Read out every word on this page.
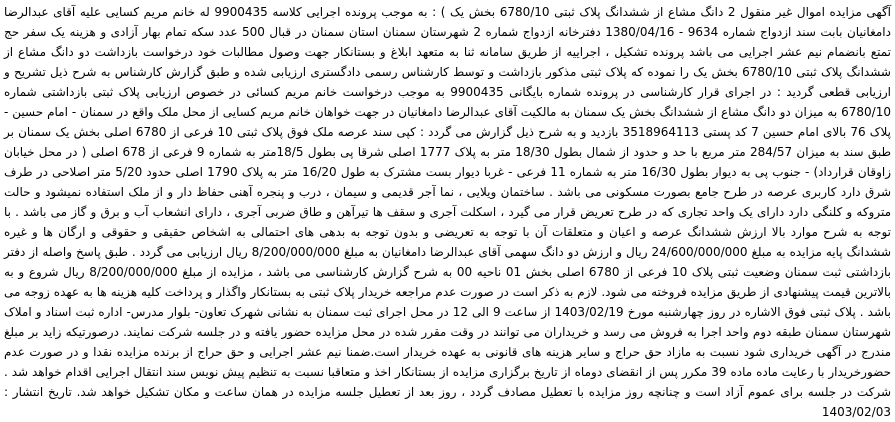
آگهی مزایده اموال غیر منقول 2 دانگ مشاع از ششدانگ پلاک ثبتی 6780/10 بخش یک ) : به موجب پرونده اجرایی کلاسه 9900435 له خانم مریم کسایی علیه آقای عبدالرضا دامغانیان بابت سند ازدواج شماره 9634 - 1380/04/16 دفترخانه ازدواج شماره 2 شهرستان سمنان استان سمنان در قبال 500 عدد سکه تمام بهار آزادی و هزینه یک سفر حج تمتع بانضمام نیم عشر اجرایی می باشد پرونده تشکیل ، اجراییه از طریق سامانه ثنا به متعهد ابلاغ و بستانکار جهت وصول مطالبات خود درخواست بازداشت دو دانگ مشاع از ششدانگ پلاک ثبتی 6780/10 بخش یک را نموده که پلاک ثبتی مذکور بازداشت و توسط کارشناس رسمی دادگستری ارزیابی شده و طبق گزارش کارشناس به شرح ذیل تشریح و ارزیابی قطعی گردید : در اجرای قرار کارشناسی در پرونده شماره بایگانی 9900435 به موجب درخواست خانم مریم کسائی در خصوص ارزیابی پلاک ثبتی بازداشتی شماره 6780/10 به میزان دو دانگ مشاع از ششدانگ بخش یک سمنان به مالکیت آقای عبدالرضا دامغانیان در جهت خواهان خانم مریم کسایی از محل ملک واقع در سمنان - امام حسین - پلاک 76 بالای امام حسین 7 کد پستی 3518964113 بازدید و به شرح ذیل گزارش می گردد : کپی سند عرصه ملک فوق پلاک ثبتی 10 فرعی از 6780 اصلی بخش یک سمنان بر طبق سند به میزان 284/57 متر مربع با حد و حدود از شمال بطول 18/30 متر به پلاک 1777 اصلی شرقا پی بطول 18/5متر به شماره 9 فرعی از 678 اصلی ( در محل خیابان زاوقان قرارداد) - جنوب پی به دیوار بطول 16/30 متر به شماره 11 فرعی - غربا دیوار بست مشترک به طول 16/20 متر به پلاک 1790 اصلی حدود 5/20 متر اصلاحی در طرف شرق دارد کاربری عرصه در طرح جامع بصورت مسکونی می باشد . ساختمان ویلایی ، نما آجر قدیمی و سیمان ، درب و پنجره آهنی حفاظ دار و از ملک استفاده نمیشود و حالت متروکه و کلنگی دارد دارای یک واحد تجاری که در طرح تعریض قرار می گیرد ، اسکلت آجری و سقف ها تیرآهن و طاق ضربی آجری ، دارای انشعاب آب و برق و گاز می باشد . با توجه به شرح موارد بالا ارزش ششدانگ عرصه و اعیان و متعلقات آن با توجه به تعریضی و بدون توجه به بدهی های احتمالی به اشخاص حقیقی و حقوقی و ارگان ها و غیره ششدانگ پایه مزایده به مبلغ 24/600/000/000 ریال و ارزش دو دانگ سهمی آقای عبدالرضا دامغانیان به مبلغ 8/200/000/000 ریال ارزیابی می گردد . طبق پاسخ واصله از دفتر بازداشتی ثبت سمنان وضعیت ثبتی پلاک 10 فرعی از 6780 اصلی بخش 01 ناحیه 00 به شرح گزارش کارشناسی می باشد ، مزایده از مبلغ 8/200/000/000 ریال شروع و به بالاترین قیمت پیشنهادی از طریق مزایده فروخته می شود. لازم به ذکر است در صورت عدم مراجعه خریدار پلاک ثبتی به بستانکار واگذار و پرداخت کلیه هزینه ها به عهده زوجه می باشد . پلاک ثبتی فوق الاشاره در روز چهارشنبه مورخ 1403/02/19 از ساعت 9 الی 12 در محل اجرای ثبت سمنان به نشانی شهرک تعاون- بلوار مدرس- اداره ثبت اسناد و املاک شهرستان سمنان طبقه دوم واحد اجرا به فروش می رسد و خریداران می توانند در وقت مقرر شده در محل مزایده حضور یافته و در جلسه شرکت نمایند. درصورتیکه زاید بر مبلغ مندرج در آگهی خریداری شود نسبت به مازاد حق حراج و سایر هزینه های قانونی به عهده خریدار است.ضمنا نیم عشر اجرایی و حق حراج از برنده مزایده نقدا و در صورت عدم حضورخریدار با رعایت ماده ماده 39 مکرر پس از انقضای دوماه از تاریخ برگزاری مزایده از بستانکار اخذ و متعاقبا نسبت به تنظیم پیش نویس سند انتقال اجرایی اقدام خواهد شد . شرکت در جلسه برای عموم آزاد است و چنانچه روز مزایده با تعطیل مصادف گردد ، روز بعد از تعطیل جلسه مزایده در همان ساعت و مکان تشکیل خواهد شد. تاریخ انتشار : 1403/02/03
